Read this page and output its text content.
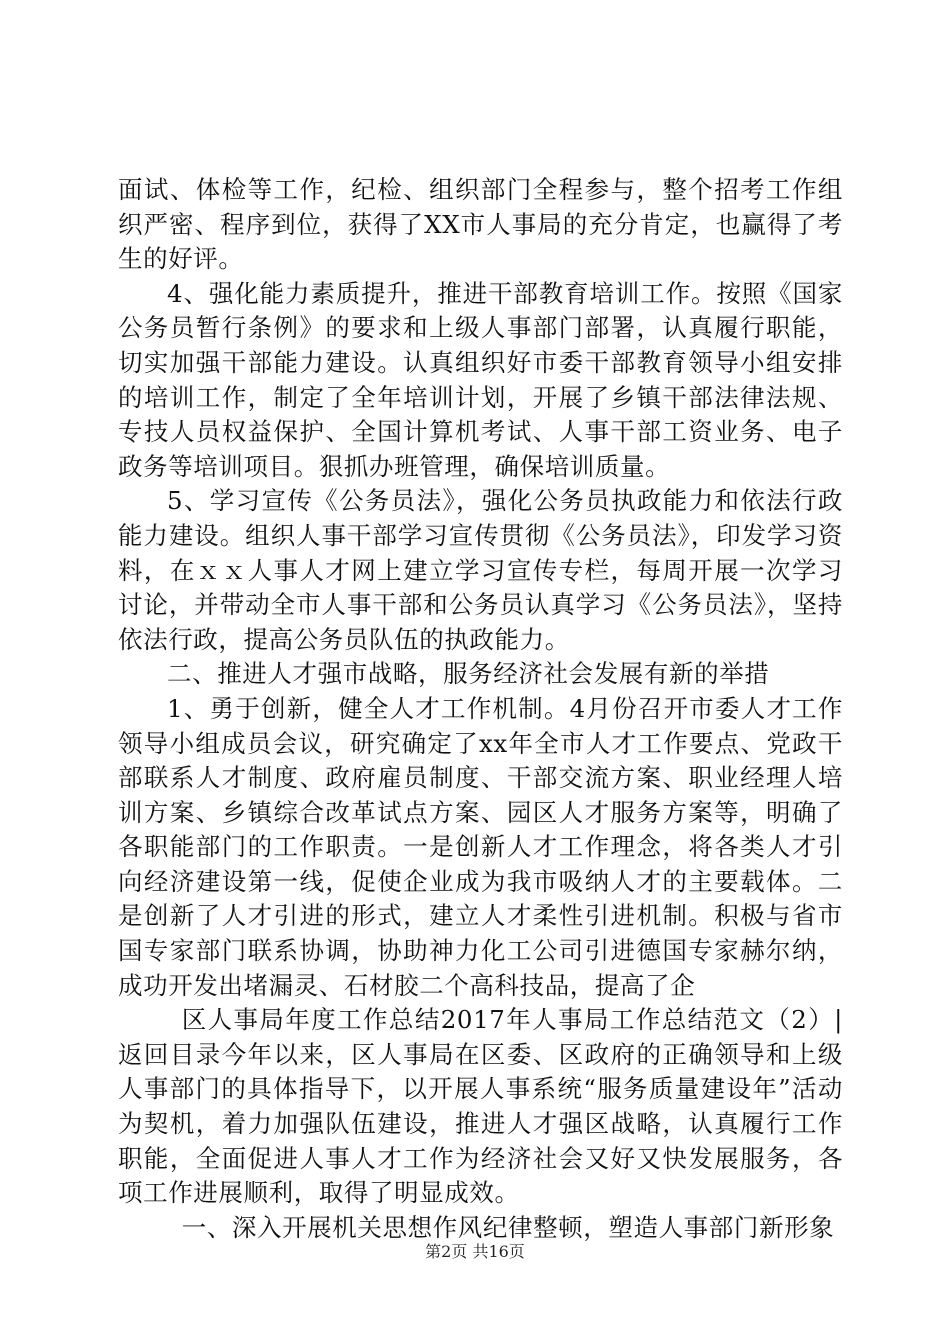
面试、体检等工作，纪检、组织部门全程参与，整个招考工作组织严密、程序到位，获得了XX市人事局的充分肯定，也赢得了考生的好评。

4、强化能力素质提升，推进干部教育培训工作。按照《国家公务员暂行条例》的要求和上级人事部门部署，认真履行职能，切实加强干部能力建设。认真组织好市委干部教育领导小组安排的培训工作，制定了全年培训计划，开展了乡镇干部法律法规、专技人员权益保护、全国计算机考试、人事干部工资业务、电子政务等培训项目。狠抓办班管理，确保培训质量。

5、学习宣传《公务员法》，强化公务员执政能力和依法行政能力建设。组织人事干部学习宣传贯彻《公务员法》，印发学习资料，在ｘｘ人事人才网上建立学习宣传专栏，每周开展一次学习讨论，并带动全市人事干部和公务员认真学习《公务员法》，坚持依法行政，提高公务员队伍的执政能力。

二、推进人才强市战略，服务经济社会发展有新的举措

1、勇于创新，健全人才工作机制。4月份召开市委人才工作领导小组成员会议，研究确定了xx年全市人才工作要点、党政干部联系人才制度、政府雇员制度、干部交流方案、职业经理人培训方案、乡镇综合改革试点方案、园区人才服务方案等，明确了各职能部门的工作职责。一是创新人才工作理念，将各类人才引向经济建设第一线，促使企业成为我市吸纳人才的主要载体。二是创新了人才引进的形式，建立人才柔性引进机制。积极与省市国专家部门联系协调，协助神力化工公司引进德国专家赫尔纳，成功开发出堵漏灵、石材胶二个高科技品，提高了企

区人事局年度工作总结2017年人事局工作总结范文（2）|返回目录今年以来，区人事局在区委、区政府的正确领导和上级人事部门的具体指导下，以开展人事系统“服务质量建设年”活动为契机，着力加强队伍建设，推进人才强区战略，认真履行工作职能，全面促进人事人才工作为经济社会又好又快发展服务，各项工作进展顺利，取得了明显成效。

一、深入开展机关思想作风纪律整顿，塑造人事部门新形象

第2页 共16页
